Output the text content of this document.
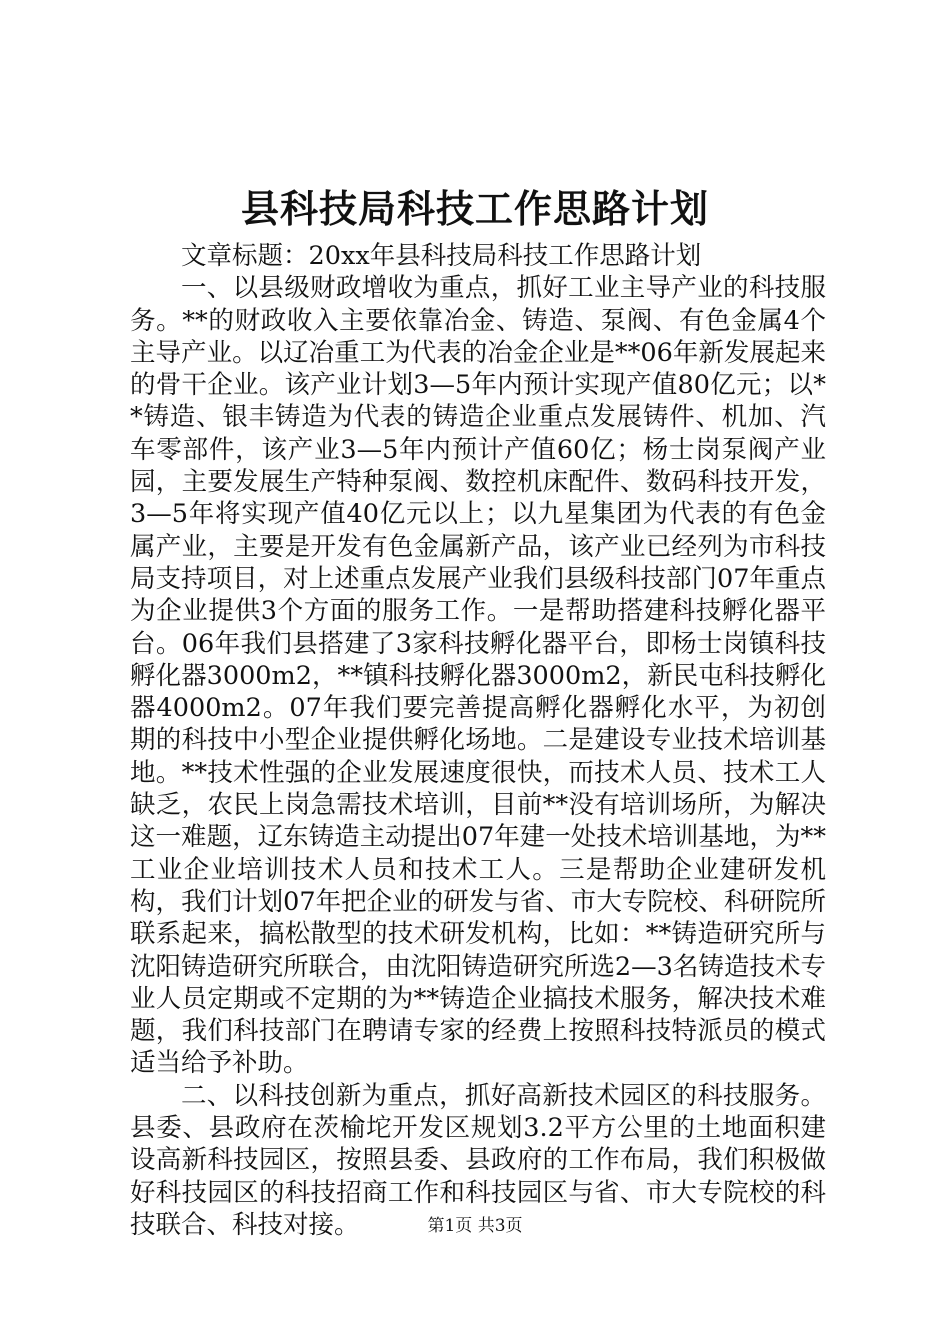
县科技局科技工作思路计划

文章标题：20xx年县科技局科技工作思路计划

一、以县级财政增收为重点，抓好工业主导产业的科技服务。**的财政收入主要依靠冶金、铸造、泵阀、有色金属4个主导产业。以辽冶重工为代表的冶金企业是**06年新发展起来的骨干企业。该产业计划3—5年内预计实现产值80亿元；以**铸造、银丰铸造为代表的铸造企业重点发展铸件、机加、汽车零部件，该产业3—5年内预计产值60亿；杨士岗泵阀产业园，主要发展生产特种泵阀、数控机床配件、数码科技开发，3—5年将实现产值40亿元以上；以九星集团为代表的有色金属产业，主要是开发有色金属新产品，该产业已经列为市科技局支持项目，对上述重点发展产业我们县级科技部门07年重点为企业提供3个方面的服务工作。一是帮助搭建科技孵化器平台。06年我们县搭建了3家科技孵化器平台，即杨士岗镇科技孵化器3000m2，**镇科技孵化器3000m2，新民屯科技孵化器4000m2。07年我们要完善提高孵化器孵化水平，为初创期的科技中小型企业提供孵化场地。二是建设专业技术培训基地。**技术性强的企业发展速度很快，而技术人员、技术工人缺乏，农民上岗急需技术培训，目前**没有培训场所，为解决这一难题，辽东铸造主动提出07年建一处技术培训基地，为**工业企业培训技术人员和技术工人。三是帮助企业建研发机构，我们计划07年把企业的研发与省、市大专院校、科研院所联系起来，搞松散型的技术研发机构，比如：**铸造研究所与沈阳铸造研究所联合，由沈阳铸造研究所选2—3名铸造技术专业人员定期或不定期的为**铸造企业搞技术服务，解决技术难题，我们科技部门在聘请专家的经费上按照科技特派员的模式适当给予补助。

二、以科技创新为重点，抓好高新技术园区的科技服务。县委、县政府在茨榆坨开发区规划3.2平方公里的土地面积建设高新科技园区，按照县委、县政府的工作布局，我们积极做好科技园区的科技招商工作和科技园区与省、市大专院校的科技联合、科技对接。	第1页 共3页
